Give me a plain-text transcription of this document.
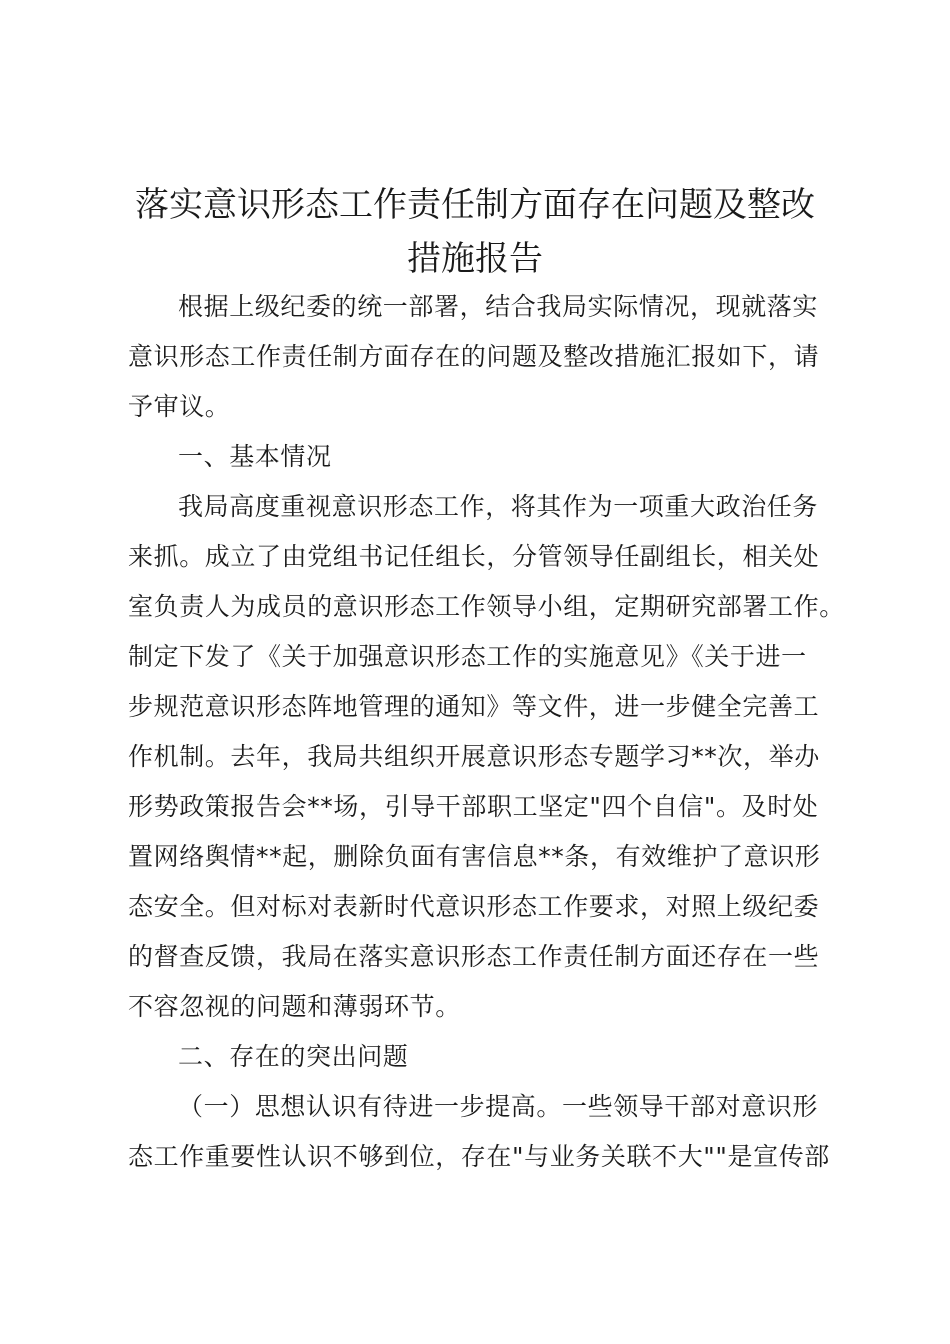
落实意识形态工作责任制方面存在问题及整改
措施报告
根据上级纪委的统一部署，结合我局实际情况，现就落实
意识形态工作责任制方面存在的问题及整改措施汇报如下，请
予审议。
一、基本情况
我局高度重视意识形态工作，将其作为一项重大政治任务
来抓。成立了由党组书记任组长，分管领导任副组长，相关处
室负责人为成员的意识形态工作领导小组，定期研究部署工作。
制定下发了《关于加强意识形态工作的实施意见》《关于进一
步规范意识形态阵地管理的通知》等文件，进一步健全完善工
作机制。去年，我局共组织开展意识形态专题学习**次，举办
形势政策报告会**场，引导干部职工坚定"四个自信"。及时处
置网络舆情**起，删除负面有害信息**条，有效维护了意识形
态安全。但对标对表新时代意识形态工作要求，对照上级纪委
的督查反馈，我局在落实意识形态工作责任制方面还存在一些
不容忽视的问题和薄弱环节。
二、存在的突出问题
（一）思想认识有待进一步提高。一些领导干部对意识形
态工作重要性认识不够到位，存在"与业务关联不大""是宣传部
